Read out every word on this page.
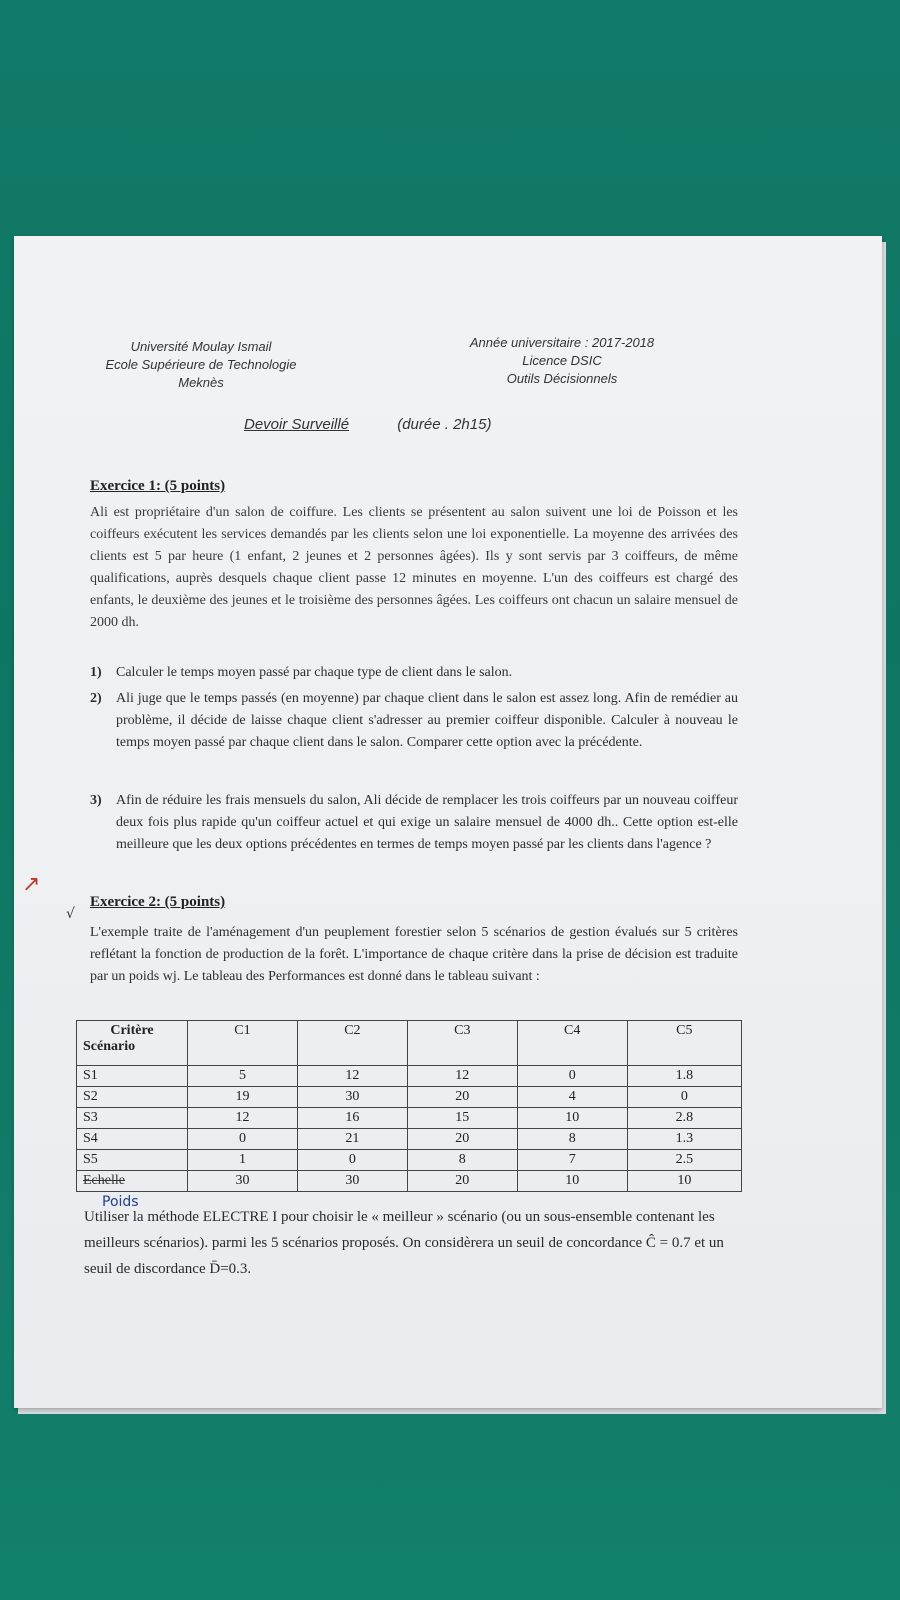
Université Moulay Ismail
Ecole Supérieure de Technologie
Meknès
Année universitaire : 2017-2018
Licence DSIC
Outils Décisionnels
Devoir Surveillé	(durée . 2h15)
Exercice 1: (5 points)
Ali est propriétaire d'un salon de coiffure. Les clients se présentent au salon suivent une loi de Poisson et les coiffeurs exécutent les services demandés par les clients selon une loi exponentielle. La moyenne des arrivées des clients est 5 par heure (1 enfant, 2 jeunes et 2 personnes âgées). Ils y sont servis par 3 coiffeurs, de même qualifications, auprès desquels chaque client passe 12 minutes en moyenne. L'un des coiffeurs est chargé des enfants, le deuxième des jeunes et le troisième des personnes âgées. Les coiffeurs ont chacun un salaire mensuel de 2000 dh.
1) Calculer le temps moyen passé par chaque type de client dans le salon.
2) Ali juge que le temps passés (en moyenne) par chaque client dans le salon est assez long. Afin de remédier au problème, il décide de laisse chaque client s'adresser au premier coiffeur disponible. Calculer à nouveau le temps moyen passé par chaque client dans le salon. Comparer cette option avec la précédente.
3) Afin de réduire les frais mensuels du salon, Ali décide de remplacer les trois coiffeurs par un nouveau coiffeur deux fois plus rapide qu'un coiffeur actuel et qui exige un salaire mensuel de 4000 dh.. Cette option est-elle meilleure que les deux options précédentes en termes de temps moyen passé par les clients dans l'agence ?
↗
√
Exercice 2: (5 points)
L'exemple traite de l'aménagement d'un peuplement forestier selon 5 scénarios de gestion évalués sur 5 critères reflétant la fonction de production de la forêt. L'importance de chaque critère dans la prise de décision est traduite par un poids wj. Le tableau des Performances est donné dans le tableau suivant :
Critère
Scénario	C1	C2	C3	C4	C5
S1	5	12	12	0	1.8
S2	19	30	20	4	0
S3	12	16	15	10	2.8
S4	0	21	20	8	1.3
S5	1	0	8	7	2.5
Echelle	30	30	20	10	10
Poids
Utiliser la méthode ELECTRE I pour choisir le « meilleur » scénario (ou un sous-ensemble contenant les meilleurs scénarios). parmi les 5 scénarios proposés. On considèrera un seuil de concordance Ĉ = 0.7 et un seuil de discordance D̄=0.3.
